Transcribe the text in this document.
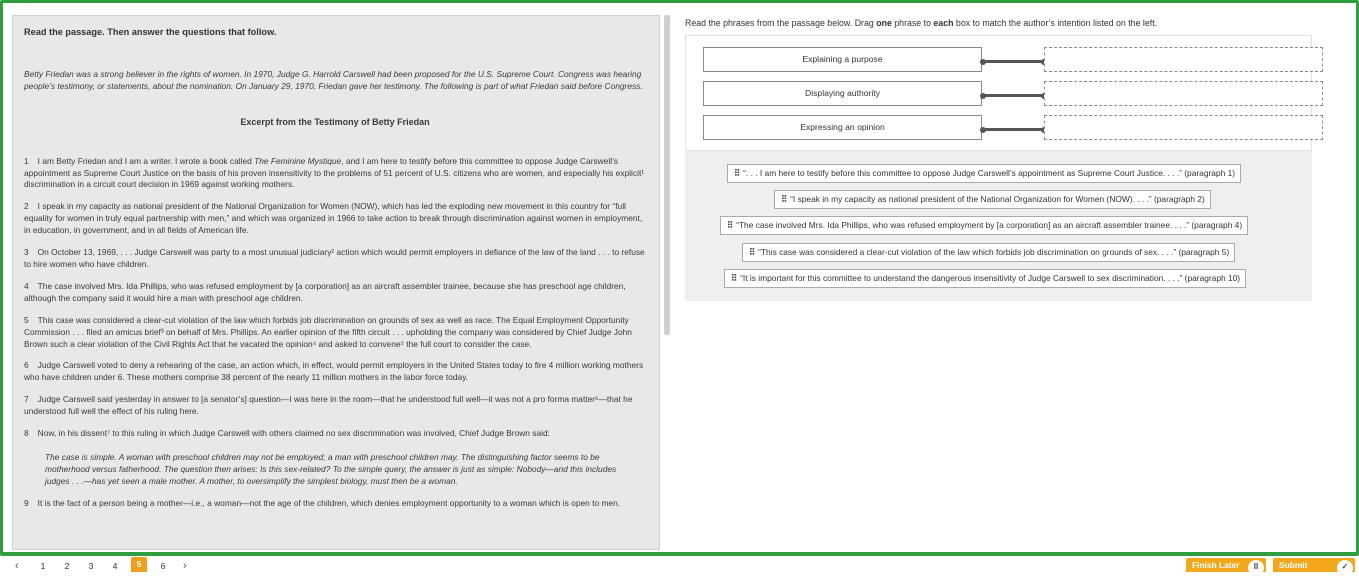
Read the passage. Then answer the questions that follow.
Betty Friedan was a strong believer in the rights of women. In 1970, Judge G. Harrold Carswell had been proposed for the U.S. Supreme Court. Congress was hearing people’s testimony, or statements, about the nomination. On January 29, 1970, Friedan gave her testimony. The following is part of what Friedan said before Congress.
Excerpt from the Testimony of Betty Friedan
1 I am Betty Friedan and I am a writer. I wrote a book called The Feminine Mystique, and I am here to testify before this committee to oppose Judge Carswell’s appointment as Supreme Court Justice on the basis of his proven insensitivity to the problems of 51 percent of U.S. citizens who are women, and especially his explicit¹ discrimination in a circuit court decision in 1969 against working mothers.
2 I speak in my capacity as national president of the National Organization for Women (NOW), which has led the exploding new movement in this country for “full equality for women in truly equal partnership with men,” and which was organized in 1966 to take action to break through discrimination against women in employment, in education, in government, and in all fields of American life.
3 On October 13, 1969, . . . Judge Carswell was party to a most unusual judiciary² action which would permit employers in defiance of the law of the land . . . to refuse to hire women who have children.
4 The case involved Mrs. Ida Phillips, who was refused employment by [a corporation] as an aircraft assembler trainee, because she has preschool age children, although the company said it would hire a man with preschool age children.
5 This case was considered a clear-cut violation of the law which forbids job discrimination on grounds of sex as well as race. The Equal Employment Opportunity Commission . . . filed an amicus brief³ on behalf of Mrs. Phillips. An earlier opinion of the fifth circuit . . . upholding the company was considered by Chief Judge John Brown such a clear violation of the Civil Rights Act that he vacated the opinion⁴ and asked to convene⁵ the full court to consider the case.
6 Judge Carswell voted to deny a rehearing of the case, an action which, in effect, would permit employers in the United States today to fire 4 million working mothers who have children under 6. These mothers comprise 38 percent of the nearly 11 million mothers in the labor force today.
7 Judge Carswell said yesterday in answer to [a senator’s] question—I was here in the room—that he understood full well—it was not a pro forma matter⁶—that he understood full well the effect of his ruling here.
8 Now, in his dissent⁷ to this ruling in which Judge Carswell with others claimed no sex discrimination was involved, Chief Judge Brown said:
The case is simple. A woman with preschool children may not be employed; a man with preschool children may. The distinguishing factor seems to be motherhood versus fatherhood. The question then arises: Is this sex-related? To the simple query, the answer is just as simple: Nobody—and this includes judges . . .—has yet seen a male mother. A mother, to oversimplify the simplest biology, must then be a woman.
9 It is the fact of a person being a mother—i.e., a woman—not the age of the children, which denies employment opportunity to a woman which is open to men.
Read the phrases from the passage below. Drag one phrase to each box to match the author’s intention listed on the left.
Explaining a purpose
Displaying authority
Expressing an opinion
⠿ “. . . I am here to testify before this committee to oppose Judge Carswell’s appointment as Supreme Court Justice. . . .” (paragraph 1)
⠿ “I speak in my capacity as national president of the National Organization for Women (NOW). . . .” (paragraph 2)
⠿ “The case involved Mrs. Ida Phillips, who was refused employment by [a corporation] as an aircraft assembler trainee. . . .” (paragraph 4)
⠿ “This case was considered a clear-cut violation of the law which forbids job discrimination on grounds of sex. . . .” (paragraph 5)
⠿ “It is important for this committee to understand the dangerous insensitivity of Judge Carswell to sex discrimination. . . .” (paragraph 10)
‹	1	2	3	4	5	6	›	Finish Later	II	Submit	✓
